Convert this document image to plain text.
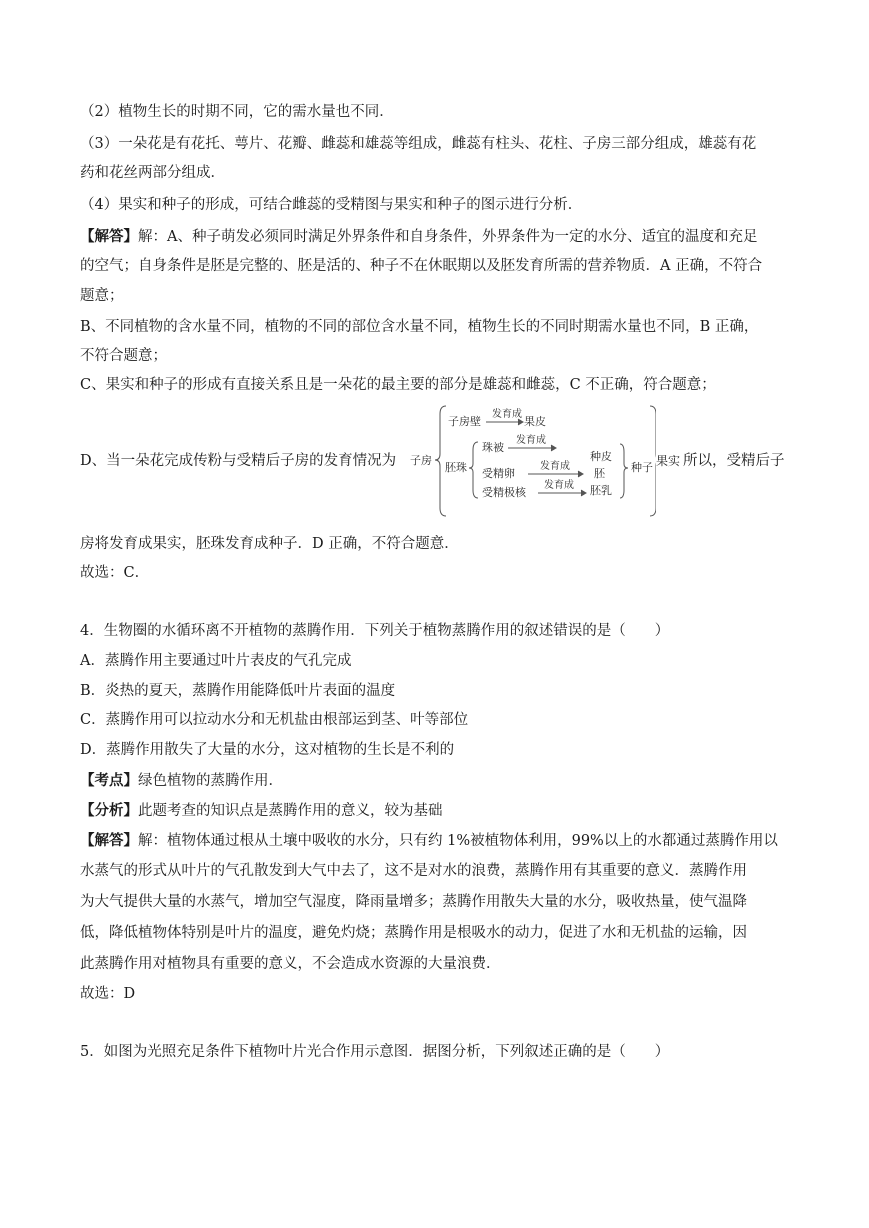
（2）植物生长的时期不同，它的需水量也不同．
（3）一朵花是有花托、萼片、花瓣、雌蕊和雄蕊等组成，雌蕊有柱头、花柱、子房三部分组成，雄蕊有花
药和花丝两部分组成．
（4）果实和种子的形成，可结合雌蕊的受精图与果实和种子的图示进行分析．
【解答】解：A、种子萌发必须同时满足外界条件和自身条件，外界条件为一定的水分、适宜的温度和充足
的空气；自身条件是胚是完整的、胚是活的、种子不在休眠期以及胚发育所需的营养物质．A 正确，不符合
题意；
B、不同植物的含水量不同，植物的不同的部位含水量不同，植物生长的不同时期需水量也不同，B 正确，
不符合题意；
C、果实和种子的形成有直接关系且是一朵花的最主要的部分是雄蕊和雌蕊，C 不正确，符合题意；
D、当一朵花完成传粉与受精后子房的发育情况为 子房
子房壁
发育成
果皮
胚珠
珠被
发育成
受精卵
发育成
受精极核
发育成
种皮
胚
胚乳
种子 果实 所以，受精后子
房将发育成果实，胚珠发育成种子．D 正确，不符合题意．
故选：C．
4．生物圈的水循环离不开植物的蒸腾作用．下列关于植物蒸腾作用的叙述错误的是（　　）
A．蒸腾作用主要通过叶片表皮的气孔完成
B．炎热的夏天，蒸腾作用能降低叶片表面的温度
C．蒸腾作用可以拉动水分和无机盐由根部运到茎、叶等部位
D．蒸腾作用散失了大量的水分，这对植物的生长是不利的
【考点】绿色植物的蒸腾作用．
【分析】此题考查的知识点是蒸腾作用的意义，较为基础
【解答】解：植物体通过根从土壤中吸收的水分，只有约 1%被植物体利用，99%以上的水都通过蒸腾作用以
水蒸气的形式从叶片的气孔散发到大气中去了，这不是对水的浪费，蒸腾作用有其重要的意义．蒸腾作用
为大气提供大量的水蒸气，增加空气湿度，降雨量增多；蒸腾作用散失大量的水分，吸收热量，使气温降
低，降低植物体特别是叶片的温度，避免灼烧；蒸腾作用是根吸水的动力，促进了水和无机盐的运输，因
此蒸腾作用对植物具有重要的意义，不会造成水资源的大量浪费．
故选：D
5．如图为光照充足条件下植物叶片光合作用示意图．据图分析，下列叙述正确的是（　　）
